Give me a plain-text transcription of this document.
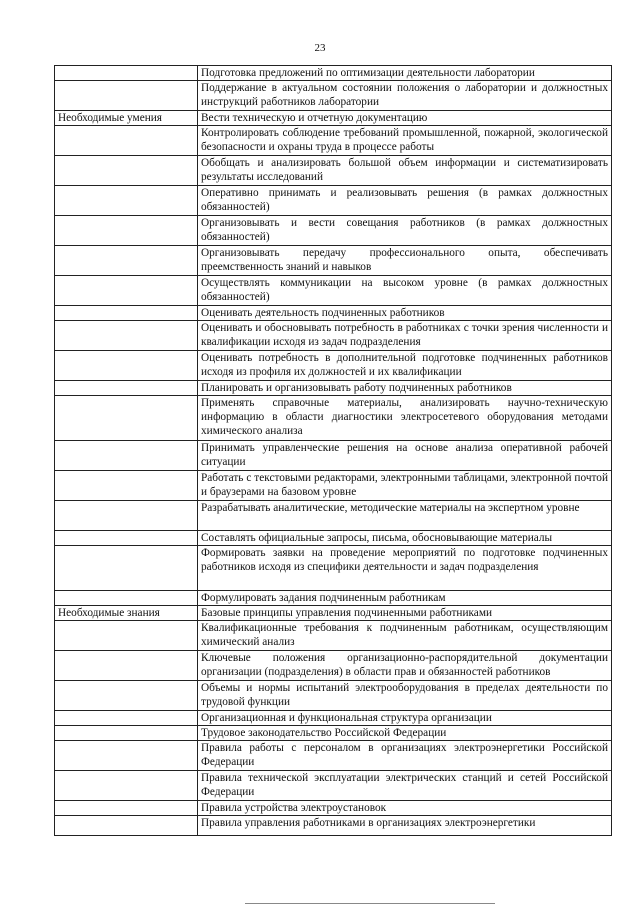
23
	Подготовка предложений по оптимизации деятельности лаборатории
	Поддержание в актуальном состоянии положения о лаборатории и должностных инструкций работников лаборатории
Необходимые умения	Вести техническую и отчетную документацию
	Контролировать соблюдение требований промышленной, пожарной, экологической безопасности и охраны труда в процессе работы
	Обобщать и анализировать большой объем информации и систематизировать результаты исследований
	Оперативно принимать и реализовывать решения (в рамках должностных обязанностей)
	Организовывать и вести совещания работников (в рамках должностных обязанностей)
	Организовывать передачу профессионального опыта, обеспечивать преемственность знаний и навыков
	Осуществлять коммуникации на высоком уровне (в рамках должностных обязанностей)
	Оценивать деятельность подчиненных работников
	Оценивать и обосновывать потребность в работниках с точки зрения численности и квалификации исходя из задач подразделения
	Оценивать потребность в дополнительной подготовке подчиненных работников исходя из профиля их должностей и их квалификации
	Планировать и организовывать работу подчиненных работников
	Применять справочные материалы, анализировать научно-техническую информацию в области диагностики электросетевого оборудования методами химического анализа
	Принимать управленческие решения на основе анализа оперативной рабочей ситуации
	Работать с текстовыми редакторами, электронными таблицами, электронной почтой и браузерами на базовом уровне
	Разрабатывать аналитические, методические материалы на экспертном уровне
	Составлять официальные запросы, письма, обосновывающие материалы
	Формировать заявки на проведение мероприятий по подготовке подчиненных работников исходя из специфики деятельности и задач подразделения
	Формулировать задания подчиненным работникам
Необходимые знания	Базовые принципы управления подчиненными работниками
	Квалификационные требования к подчиненным работникам, осуществляющим химический анализ
	Ключевые положения организационно-распорядительной документации организации (подразделения) в области прав и обязанностей работников
	Объемы и нормы испытаний электрооборудования в пределах деятельности по трудовой функции
	Организационная и функциональная структура организации
	Трудовое законодательство Российской Федерации
	Правила работы с персоналом в организациях электроэнергетики Российской Федерации
	Правила технической эксплуатации электрических станций и сетей Российской Федерации
	Правила устройства электроустановок
	Правила управления работниками в организациях электроэнергетики
